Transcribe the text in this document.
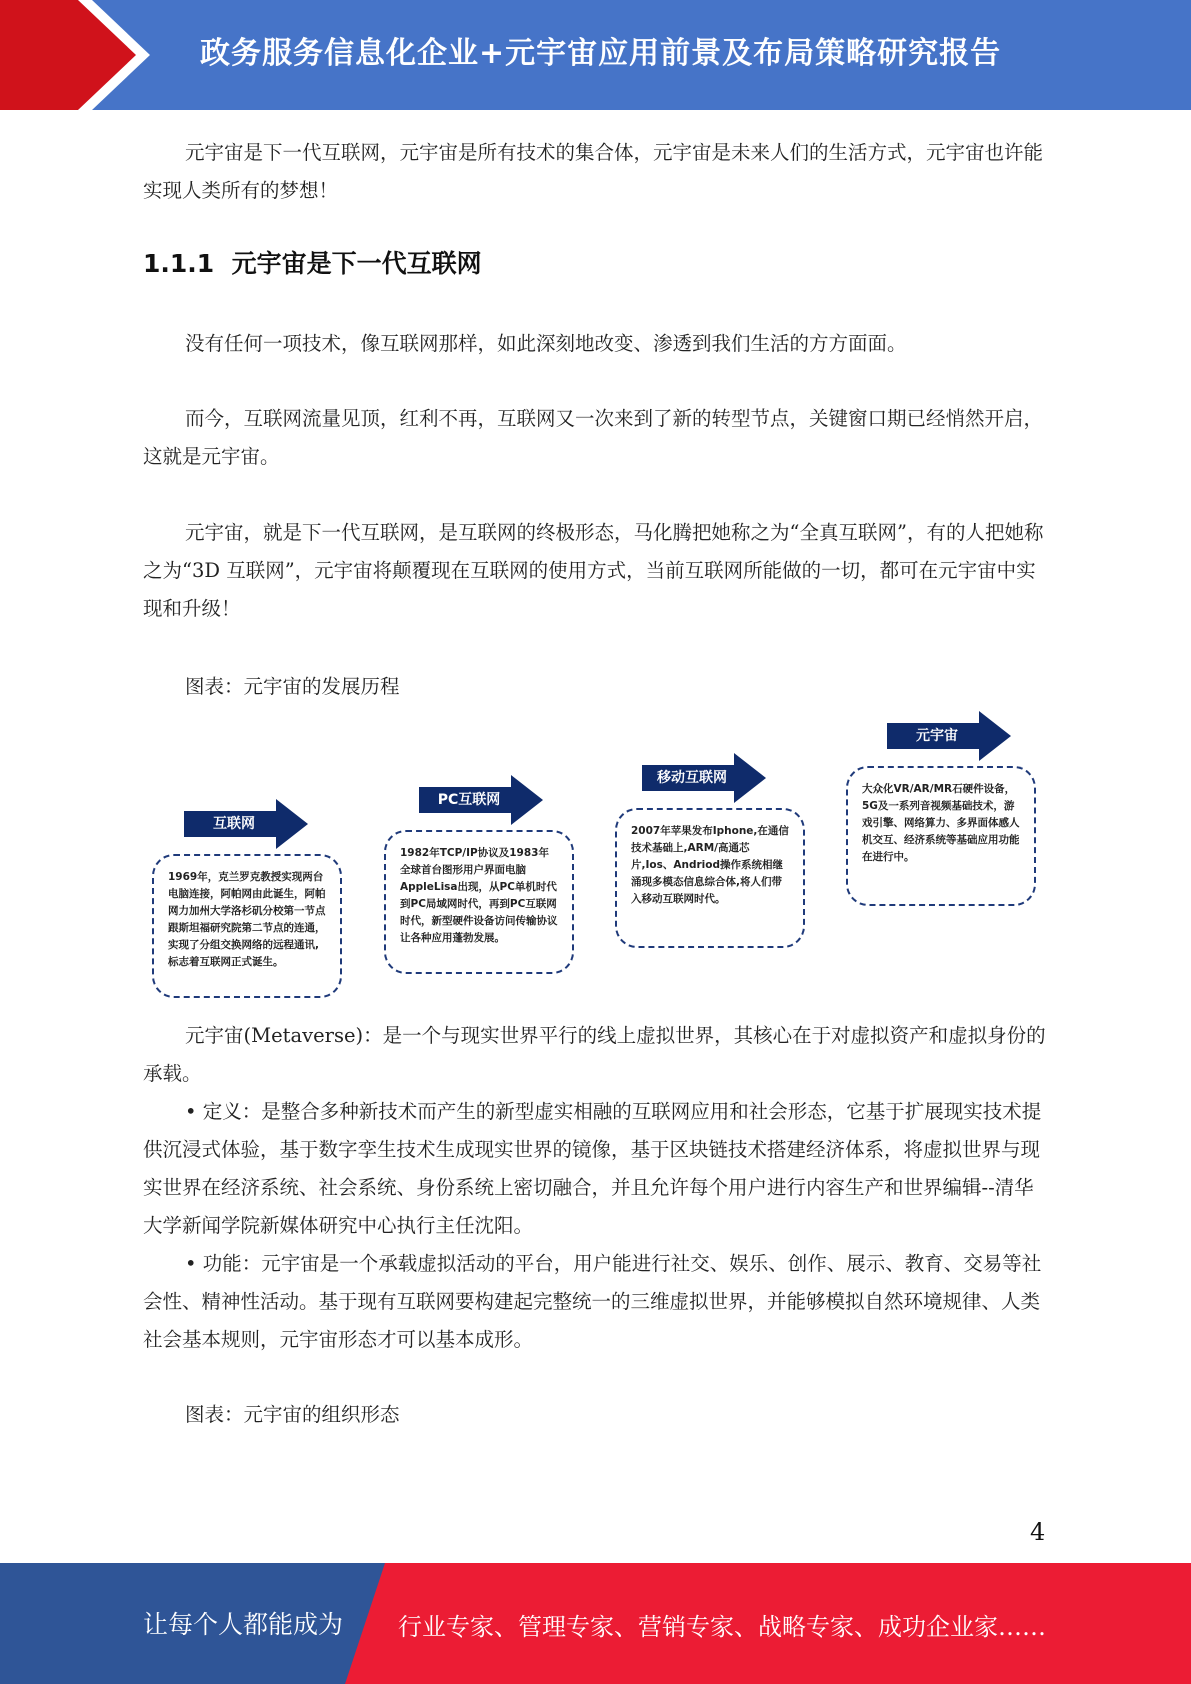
政务服务信息化企业+元宇宙应用前景及布局策略研究报告

元宇宙是下一代互联网，元宇宙是所有技术的集合体，元宇宙是未来人们的生活方式，元宇宙也许能实现人类所有的梦想！

1.1.1 元宇宙是下一代互联网

没有任何一项技术，像互联网那样，如此深刻地改变、渗透到我们生活的方方面面。

而今，互联网流量见顶，红利不再，互联网又一次来到了新的转型节点，关键窗口期已经悄然开启，这就是元宇宙。

元宇宙，就是下一代互联网，是互联网的终极形态，马化腾把她称之为“全真互联网”，有的人把她称之为“3D 互联网”，元宇宙将颠覆现在互联网的使用方式，当前互联网所能做的一切，都可在元宇宙中实现和升级！

图表：元宇宙的发展历程

互联网
1969年，克兰罗克教授实现两台电脑连接，阿帕网由此诞生，阿帕网力加州大学洛杉矶分校第一节点跟斯坦福研究院第二节点的连通，实现了分组交换网络的远程通讯,标志着互联网正式诞生。
PC互联网
1982年TCP/IP协议及1983年全球首台图形用户界面电脑AppleLisa出现，从PC单机时代到PC局域网时代，再到PC互联网时代，新型硬件设备访问传输协议让各种应用蓬勃发展。
移动互联网
2007年苹果发布Iphone,在通信技术基础上,ARM/高通芯片,Ios、Andriod操作系统相继涌现多模态信息综合体,将人们带入移动互联网时代。
元宇宙
大众化VR/AR/MR石硬件设备，5G及一系列音视频基础技术，游戏引擎、网络算力、多界面体感人机交互、经济系统等基础应用功能在进行中。

元宇宙(Metaverse)：是一个与现实世界平行的线上虚拟世界，其核心在于对虚拟资产和虚拟身份的承载。

• 定义：是整合多种新技术而产生的新型虚实相融的互联网应用和社会形态，它基于扩展现实技术提供沉浸式体验，基于数字孪生技术生成现实世界的镜像，基于区块链技术搭建经济体系，将虚拟世界与现实世界在经济系统、社会系统、身份系统上密切融合，并且允许每个用户进行内容生产和世界编辑--清华大学新闻学院新媒体研究中心执行主任沈阳。

• 功能：元宇宙是一个承载虚拟活动的平台，用户能进行社交、娱乐、创作、展示、教育、交易等社会性、精神性活动。基于现有互联网要构建起完整统一的三维虚拟世界，并能够模拟自然环境规律、人类社会基本规则，元宇宙形态才可以基本成形。

图表：元宇宙的组织形态

4
让每个人都能成为 行业专家、管理专家、营销专家、战略专家、成功企业家……
